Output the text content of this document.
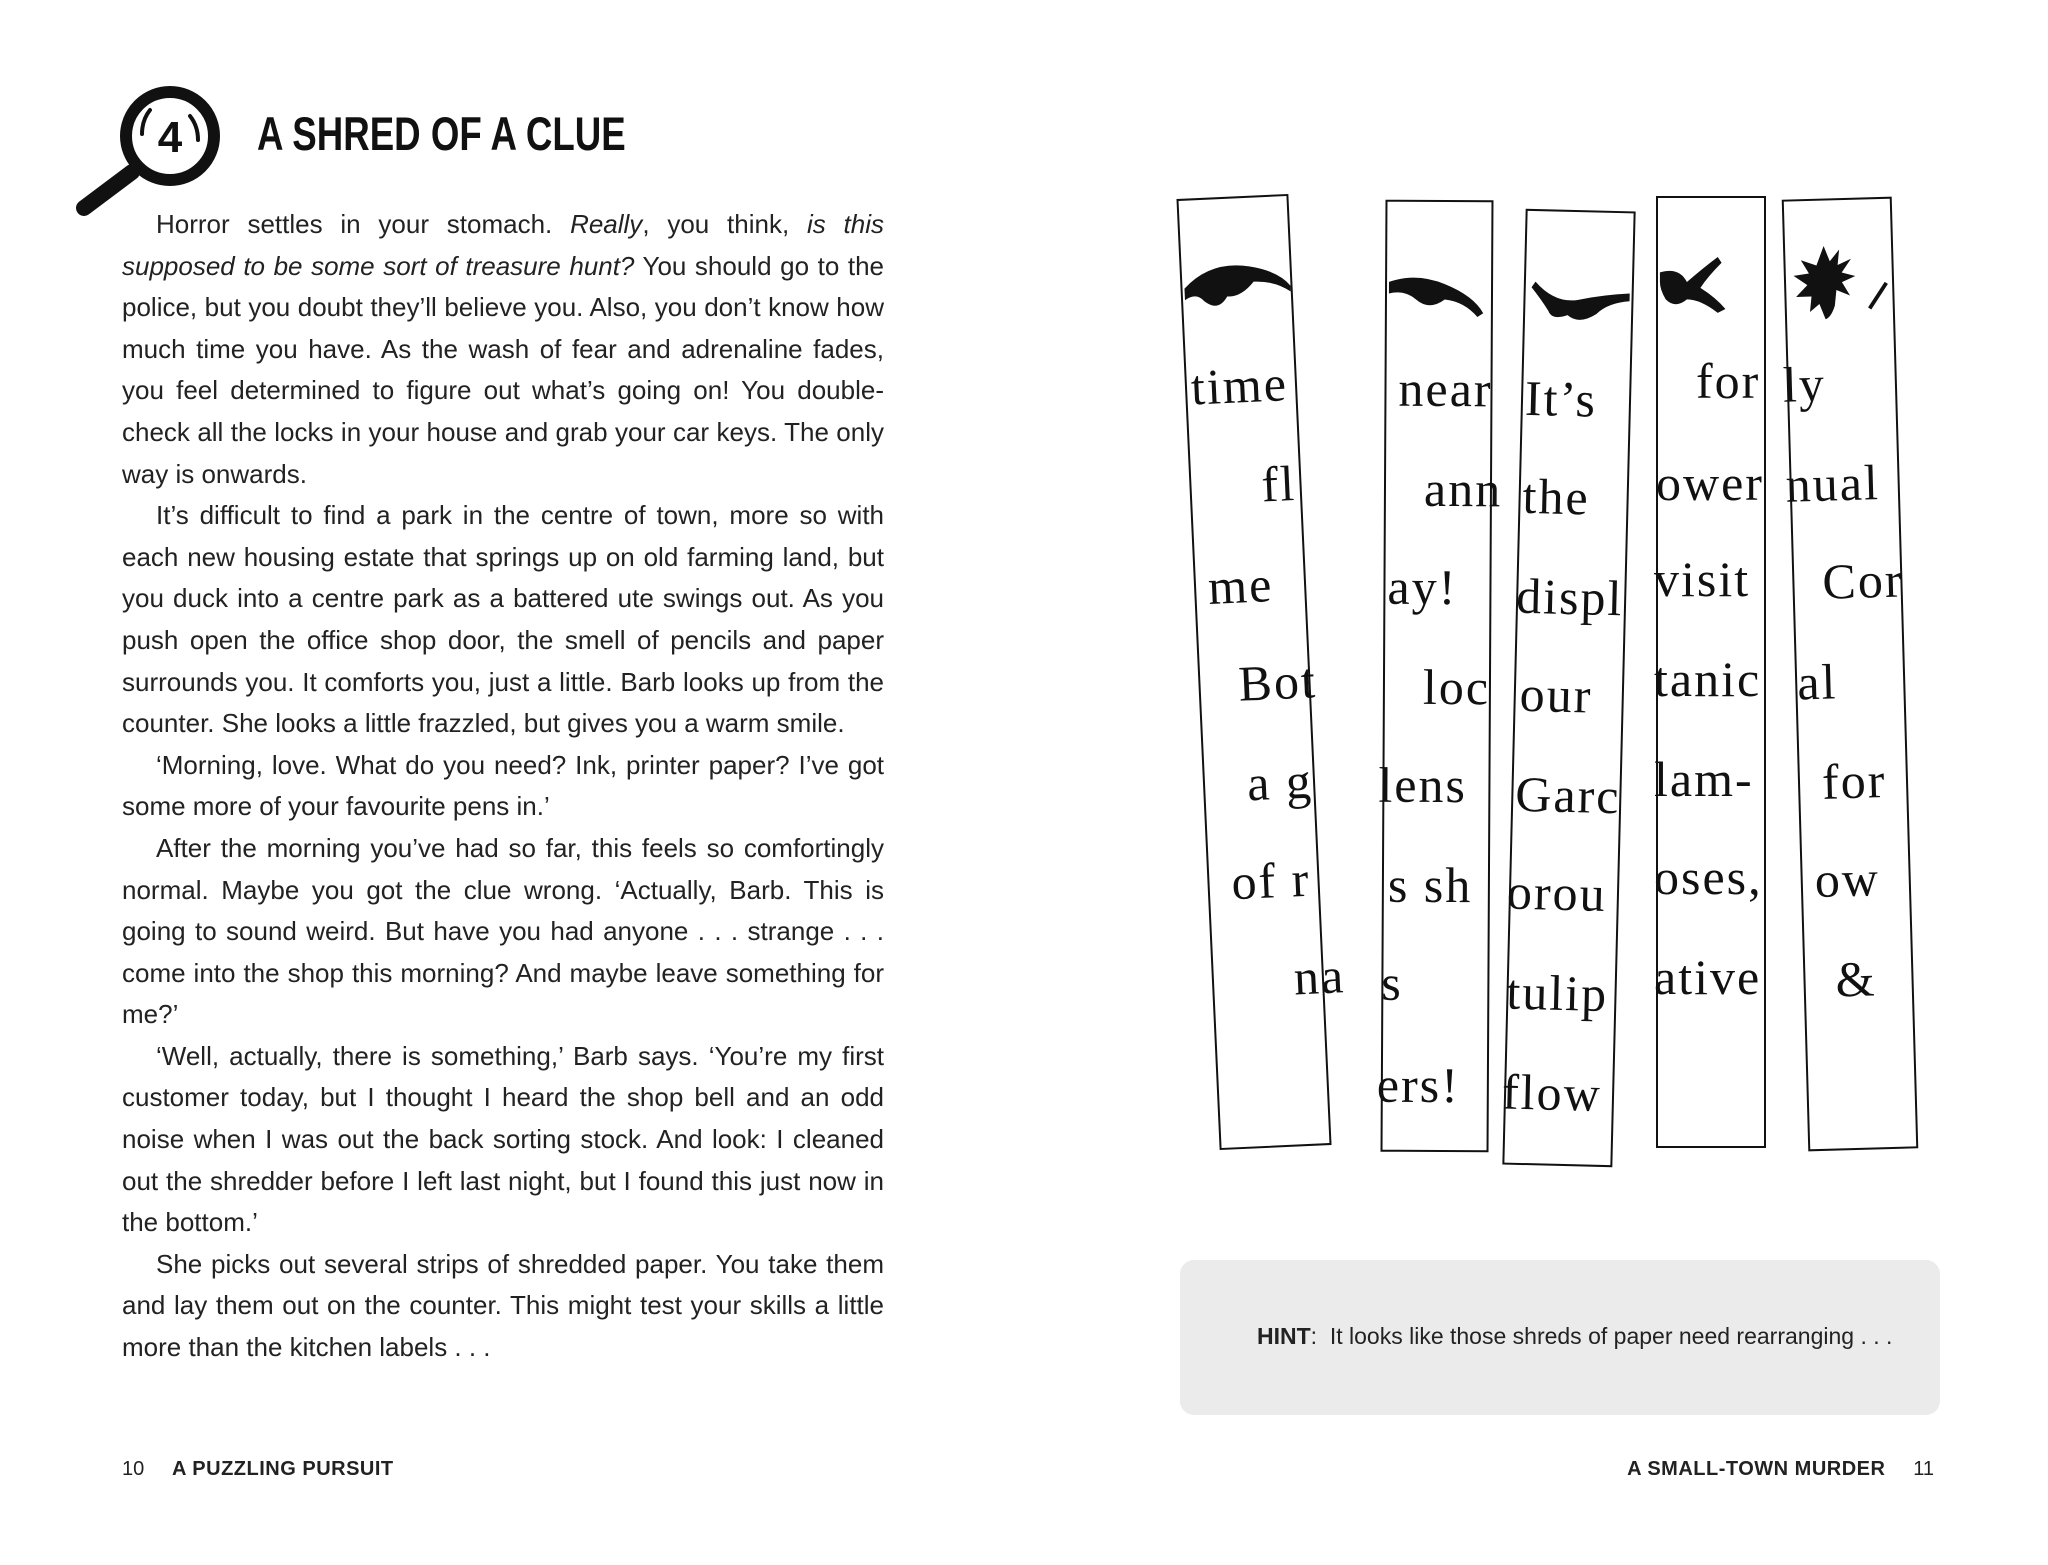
4 A SHRED OF A CLUE

Horror settles in your stomach. Really, you think, is this supposed to be some sort of treasure hunt? You should go to the police, but you doubt they’ll believe you. Also, you don’t know how much time you have. As the wash of fear and adrenaline fades, you feel determined to figure out what’s going on! You double-check all the locks in your house and grab your car keys. The only way is onwards.

It’s difficult to find a park in the centre of town, more so with each new housing estate that springs up on old farming land, but you duck into a centre park as a battered ute swings out. As you push open the office shop door, the smell of pencils and paper surrounds you. It comforts you, just a little. Barb looks up from the counter. She looks a little frazzled, but gives you a warm smile.

‘Morning, love. What do you need? Ink, printer paper? I’ve got some more of your favourite pens in.’

After the morning you’ve had so far, this feels so comfortingly normal. Maybe you got the clue wrong. ‘Actually, Barb. This is going to sound weird. But have you had anyone . . . strange . . . come into the shop this morning? And maybe leave something for me?’

‘Well, actually, there is something,’ Barb says. ‘You’re my first customer today, but I thought I heard the shop bell and an odd noise when I was out the back sorting stock. And look: I cleaned out the shredder before I left last night, but I found this just now in the bottom.’

She picks out several strips of shredded paper. You take them and lay them out on the counter. This might test your skills a little more than the kitchen labels . . .

time
fl
me
Bot
a g
of r
na
near
ann
ay!
loc
lens
s sh
s
ers!
It’s
the
displ
our
Garc
orou
tulip
flow
for
ower
visit
tanic
lam-
oses,
ative
ly
nual
Cor
al
for
ow
&
HINT:  It looks like those shreds of paper need rearranging . . .
10 A PUZZLING PURSUIT	A SMALL-TOWN MURDER 11
